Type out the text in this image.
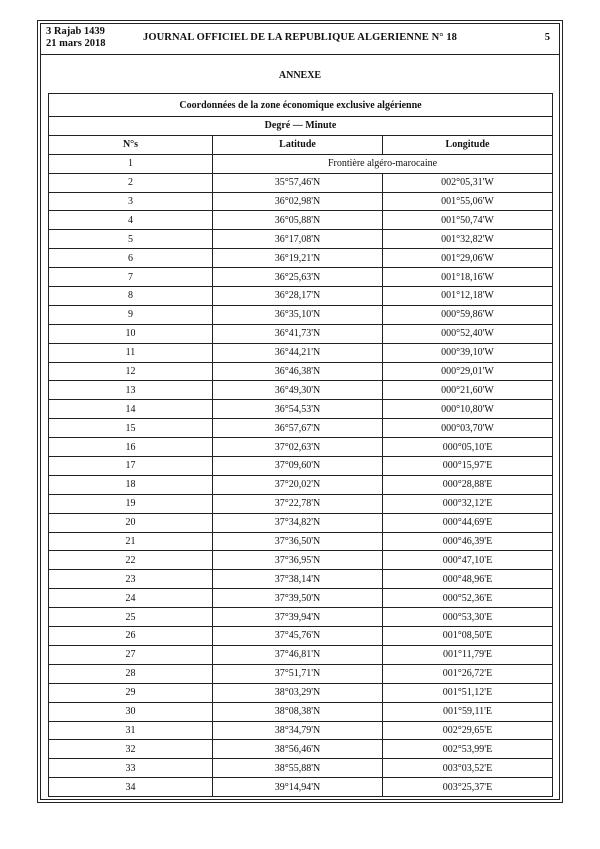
3 Rajab 1439
21 mars 2018
JOURNAL OFFICIEL DE LA REPUBLIQUE ALGERIENNE N° 18	5
ANNEXE
Coordonnées de la zone économique exclusive algérienne		
Degré — Minute		
N°s	Latitude	Longitude
1	Frontière algéro-marocaine	
2	35°57,46'N	002°05,31'W
3	36°02,98'N	001°55,06'W
4	36°05,88'N	001°50,74'W
5	36°17,08'N	001°32,82'W
6	36°19,21'N	001°29,06'W
7	36°25,63'N	001°18,16'W
8	36°28,17'N	001°12,18'W
9	36°35,10'N	000°59,86'W
10	36°41,73'N	000°52,40'W
11	36°44,21'N	000°39,10'W
12	36°46,38'N	000°29,01'W
13	36°49,30'N	000°21,60'W
14	36°54,53'N	000°10,80'W
15	36°57,67'N	000°03,70'W
16	37°02,63'N	000°05,10'E
17	37°09,60'N	000°15,97'E
18	37°20,02'N	000°28,88'E
19	37°22,78'N	000°32,12'E
20	37°34,82'N	000°44,69'E
21	37°36,50'N	000°46,39'E
22	37°36,95'N	000°47,10'E
23	37°38,14'N	000°48,96'E
24	37°39,50'N	000°52,36'E
25	37°39,94'N	000°53,30'E
26	37°45,76'N	001°08,50'E
27	37°46,81'N	001°11,79'E
28	37°51,71'N	001°26,72'E
29	38°03,29'N	001°51,12'E
30	38°08,38'N	001°59,11'E
31	38°34,79'N	002°29,65'E
32	38°56,46'N	002°53,99'E
33	38°55,88'N	003°03,52'E
34	39°14,94'N	003°25,37'E
